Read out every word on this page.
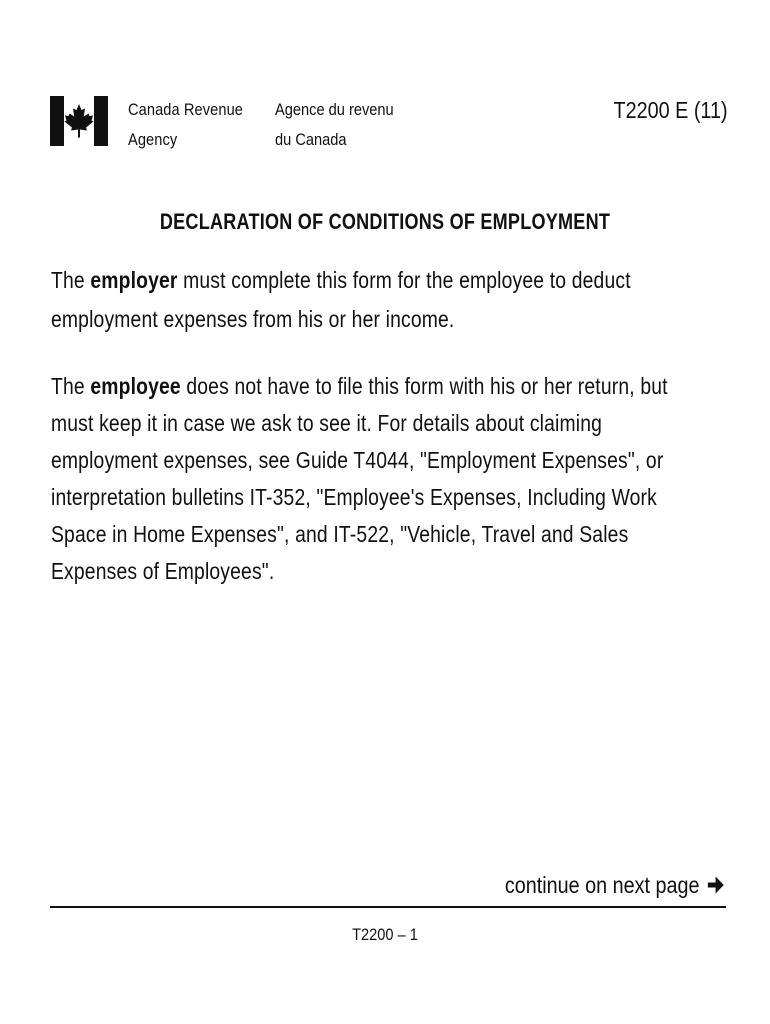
Canada Revenue
Agency
Agence du revenu
du Canada
T2200 E (11)
DECLARATION OF CONDITIONS OF EMPLOYMENT
The employer must complete this form for the employee to deduct
employment expenses from his or her income.
The employee does not have to file this form with his or her return, but
must keep it in case we ask to see it. For details about claiming
employment expenses, see Guide T4044, "Employment Expenses", or
interpretation bulletins IT-352, "Employee's Expenses, Including Work
Space in Home Expenses", and IT-522, "Vehicle, Travel and Sales
Expenses of Employees".
continue on next page
T2200 – 1
